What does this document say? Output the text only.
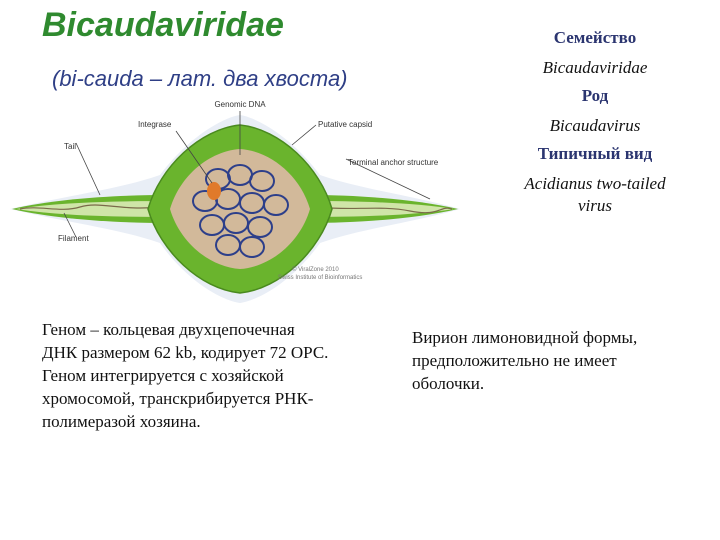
Bicaudaviridae
(bi-cauda – лат. два хвоста)
Семейство
Bicaudaviridae
Род
Bicaudavirus
Типичный вид
Acidianus two-tailed
virus
Genomic DNA
Integrase	Putative capsid
Terminal anchor structure
Tail
Filament
© ViralZone 2010
Swiss Institute of Bioinformatics
Геном – кольцевая двухцепочечная
ДНК размером 62 kb, кодирует 72 ОРС.
Геном интегрируется с хозяйской
хромосомой, транскрибируется РНК-
полимеразой хозяина.
Вирион лимоновидной формы,
предположительно не имеет
оболочки.
